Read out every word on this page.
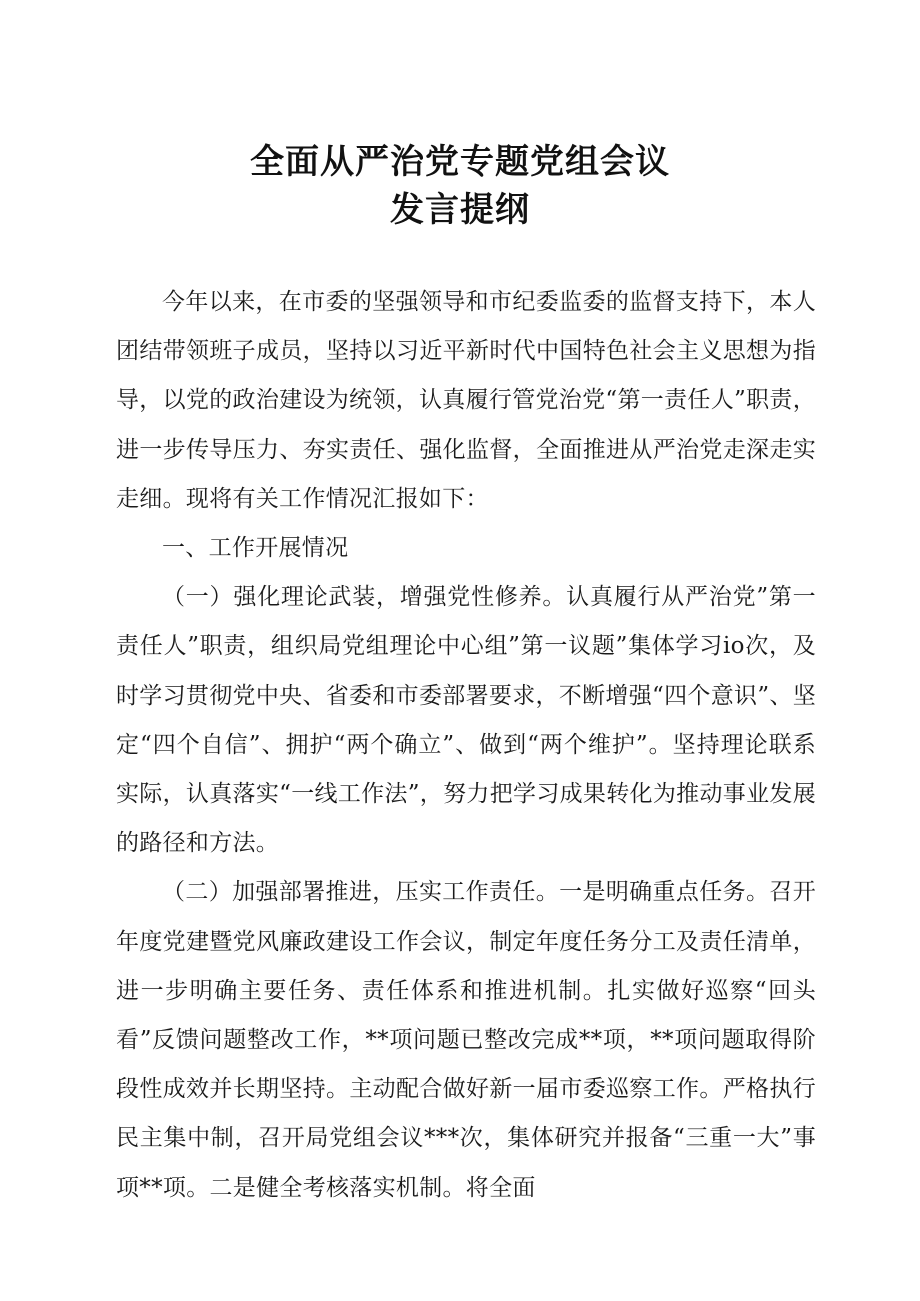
全面从严治党专题党组会议
发言提纲

今年以来，在市委的坚强领导和市纪委监委的监督支持下，本人团结带领班子成员，坚持以习近平新时代中国特色社会主义思想为指导，以党的政治建设为统领，认真履行管党治党“第一责任人”职责，进一步传导压力、夯实责任、强化监督，全面推进从严治党走深走实走细。现将有关工作情况汇报如下：

一、工作开展情况

（一）强化理论武装，增强党性修养。认真履行从严治党”第一责任人”职责，组织局党组理论中心组”第一议题”集体学习io次，及时学习贯彻党中央、省委和市委部署要求，不断增强“四个意识”、坚定“四个自信”、拥护“两个确立”、做到“两个维护”。坚持理论联系实际，认真落实“一线工作法”，努力把学习成果转化为推动事业发展的路径和方法。

（二）加强部署推进，压实工作责任。一是明确重点任务。召开年度党建暨党风廉政建设工作会议，制定年度任务分工及责任清单，进一步明确主要任务、责任体系和推进机制。扎实做好巡察“回头看”反馈问题整改工作，**项问题已整改完成**项，**项问题取得阶段性成效并长期坚持。主动配合做好新一届市委巡察工作。严格执行民主集中制，召开局党组会议***次，集体研究并报备“三重一大”事项**项。二是健全考核落实机制。将全面
